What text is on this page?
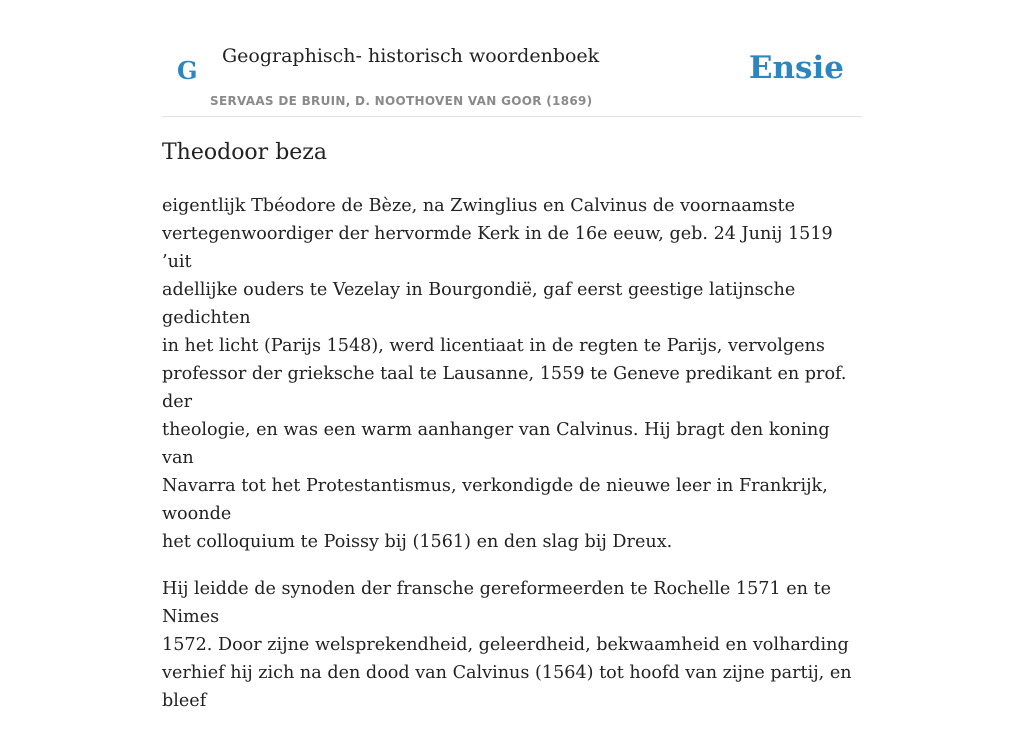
G Geographisch- historisch woordenboek
SERVAAS DE BRUIN, D. NOOTHOVEN VAN GOOR (1869)
Ensie
Theodoor beza

eigentlijk Tbéodore de Bèze, na Zwinglius en Calvinus de voornaamste
vertegenwoordiger der hervormde Kerk in de 16e eeuw, geb. 24 Junij 1519 ’uit
adellijke ouders te Vezelay in Bourgondië, gaf eerst geestige latijnsche gedichten
in het licht (Parijs 1548), werd licentiaat in de regten te Parijs, vervolgens
professor der grieksche taal te Lausanne, 1559 te Geneve predikant en prof. der
theologie, en was een warm aanhanger van Calvinus. Hij bragt den koning van
Navarra tot het Protestantismus, verkondigde de nieuwe leer in Frankrijk, woonde
het colloquium te Poissy bij (1561) en den slag bij Dreux.

Hij leidde de synoden der fransche gereformeerden te Rochelle 1571 en te Nimes
1572. Door zijne welsprekendheid, geleerdheid, bekwaamheid en volharding
verhief hij zich na den dood van Calvinus (1564) tot hoofd van zijne partij, en bleef
